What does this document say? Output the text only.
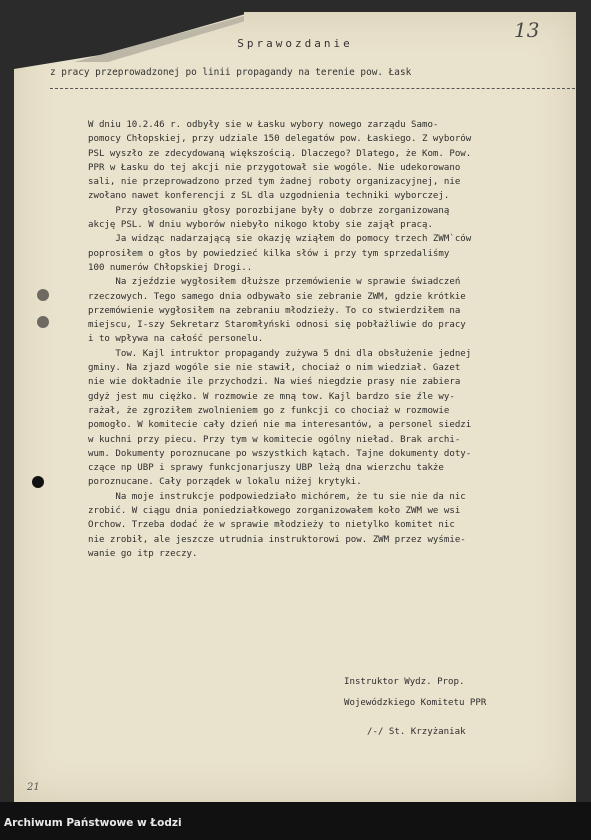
Sprawozdanie
13
z pracy przeprowadzonej po linii propagandy na terenie pow. Łask
W dniu 10.2.46 r. odbyły sie w Łasku wybory nowego zarządu Samo-
pomocy Chłopskiej, przy udziale 150 delegatów pow. Łaskiego. Z wyborów
PSL wyszło ze zdecydowaną większością. Dlaczego? Dlatego, że Kom. Pow.
PPR w Łasku do tej akcji nie przygotował sie wogóle. Nie udekorowano
sali, nie przeprowadzono przed tym żadnej roboty organizacyjnej, nie
zwołano nawet konferencji z SL dla uzgodnienia techniki wyborczej.
Przy głosowaniu głosy porozbijane były o dobrze zorganizowaną
akcję PSL. W dniu wyborów niebyło nikogo ktoby sie zajął pracą.
Ja widząc nadarzającą sie okazję wziąłem do pomocy trzech ZWM`ców
poprosiłem o głos by powiedzieć kilka słów i przy tym sprzedaliśmy
100 numerów Chłopskiej Drogi..
Na zjeździe wygłosiłem dłuższe przemówienie w sprawie świadczeń
rzeczowych. Tego samego dnia odbywało sie zebranie ZWM, gdzie krótkie
przemówienie wygłosiłem na zebraniu młodzieży. To co stwierdziłem na
miejscu, I-szy Sekretarz Staromłyński odnosi się pobłażliwie do pracy
i to wpływa na całość personelu.
Tow. Kajl intruktor propagandy zużywa 5 dni dla obsłużenie jednej
gminy. Na zjazd wogóle sie nie stawił, chociaż o nim wiedział. Gazet
nie wie dokładnie ile przychodzi. Na wieś niegdzie prasy nie zabiera
gdyż jest mu ciężko. W rozmowie ze mną tow. Kajl bardzo sie źle wy-
rażał, że zgroziłem zwolnieniem go z funkcji co chociaż w rozmowie
pomogło. W komitecie cały dzień nie ma interesantów, a personel siedzi
w kuchni przy piecu. Przy tym w komitecie ogólny nieład. Brak archi-
wum. Dokumenty poroznucane po wszystkich kątach. Tajne dokumenty doty-
czące np UBP i sprawy funkcjonarjuszy UBP leżą dna wierzchu także
poroznucane. Cały porządek w lokalu niżej krytyki.
Na moje instrukcje podpowiedziało michórem, że tu sie nie da nic
zrobić. W ciągu dnia poniedziałkowego zorganizowałem koło ZWM we wsi
Orchow. Trzeba dodać że w sprawie młodzieży to nietylko komitet nic
nie zrobił, ale jeszcze utrudnia instruktorowi pow. ZWM przez wyśmie-
wanie go itp rzeczy.

Instruktor Wydz. Prop.
Wojewódzkiego Komitetu PPR
/-/ St. Krzyżaniak
21
Archiwum Państwowe w Łodzi
